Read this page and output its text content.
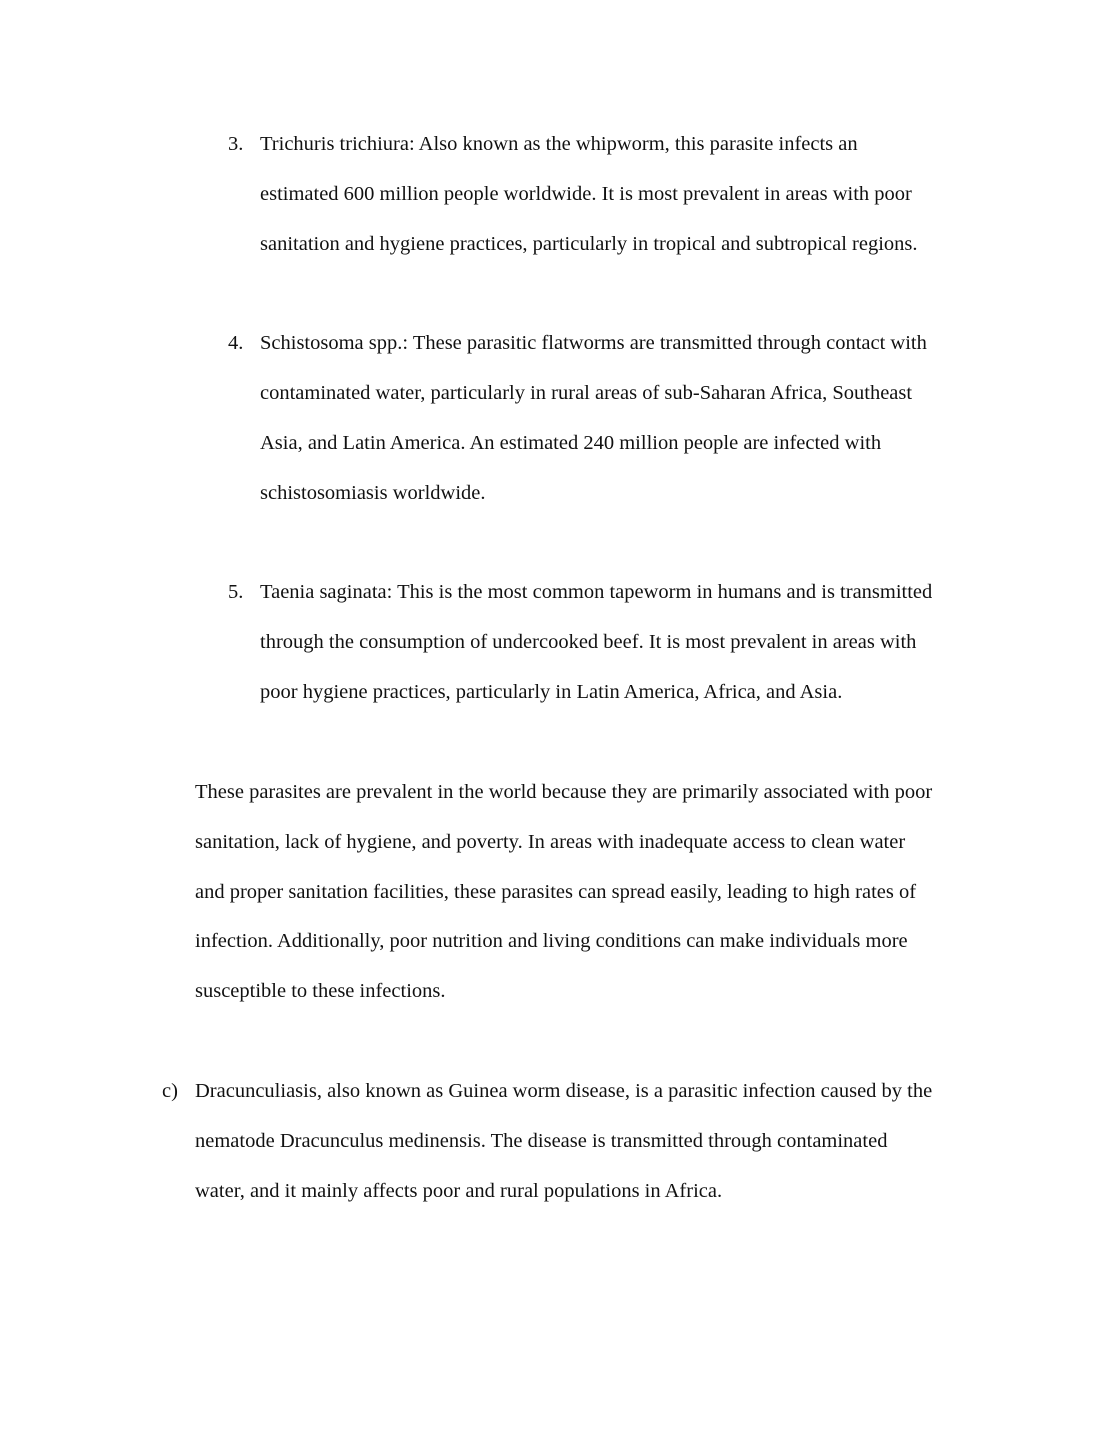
3. Trichuris trichiura: Also known as the whipworm, this parasite infects an
estimated 600 million people worldwide. It is most prevalent in areas with poor
sanitation and hygiene practices, particularly in tropical and subtropical regions.
4. Schistosoma spp.: These parasitic flatworms are transmitted through contact with
contaminated water, particularly in rural areas of sub-Saharan Africa, Southeast
Asia, and Latin America. An estimated 240 million people are infected with
schistosomiasis worldwide.
5. Taenia saginata: This is the most common tapeworm in humans and is transmitted
through the consumption of undercooked beef. It is most prevalent in areas with
poor hygiene practices, particularly in Latin America, Africa, and Asia.
These parasites are prevalent in the world because they are primarily associated with poor
sanitation, lack of hygiene, and poverty. In areas with inadequate access to clean water
and proper sanitation facilities, these parasites can spread easily, leading to high rates of
infection. Additionally, poor nutrition and living conditions can make individuals more
susceptible to these infections.
c) Dracunculiasis, also known as Guinea worm disease, is a parasitic infection caused by the
nematode Dracunculus medinensis. The disease is transmitted through contaminated
water, and it mainly affects poor and rural populations in Africa.
